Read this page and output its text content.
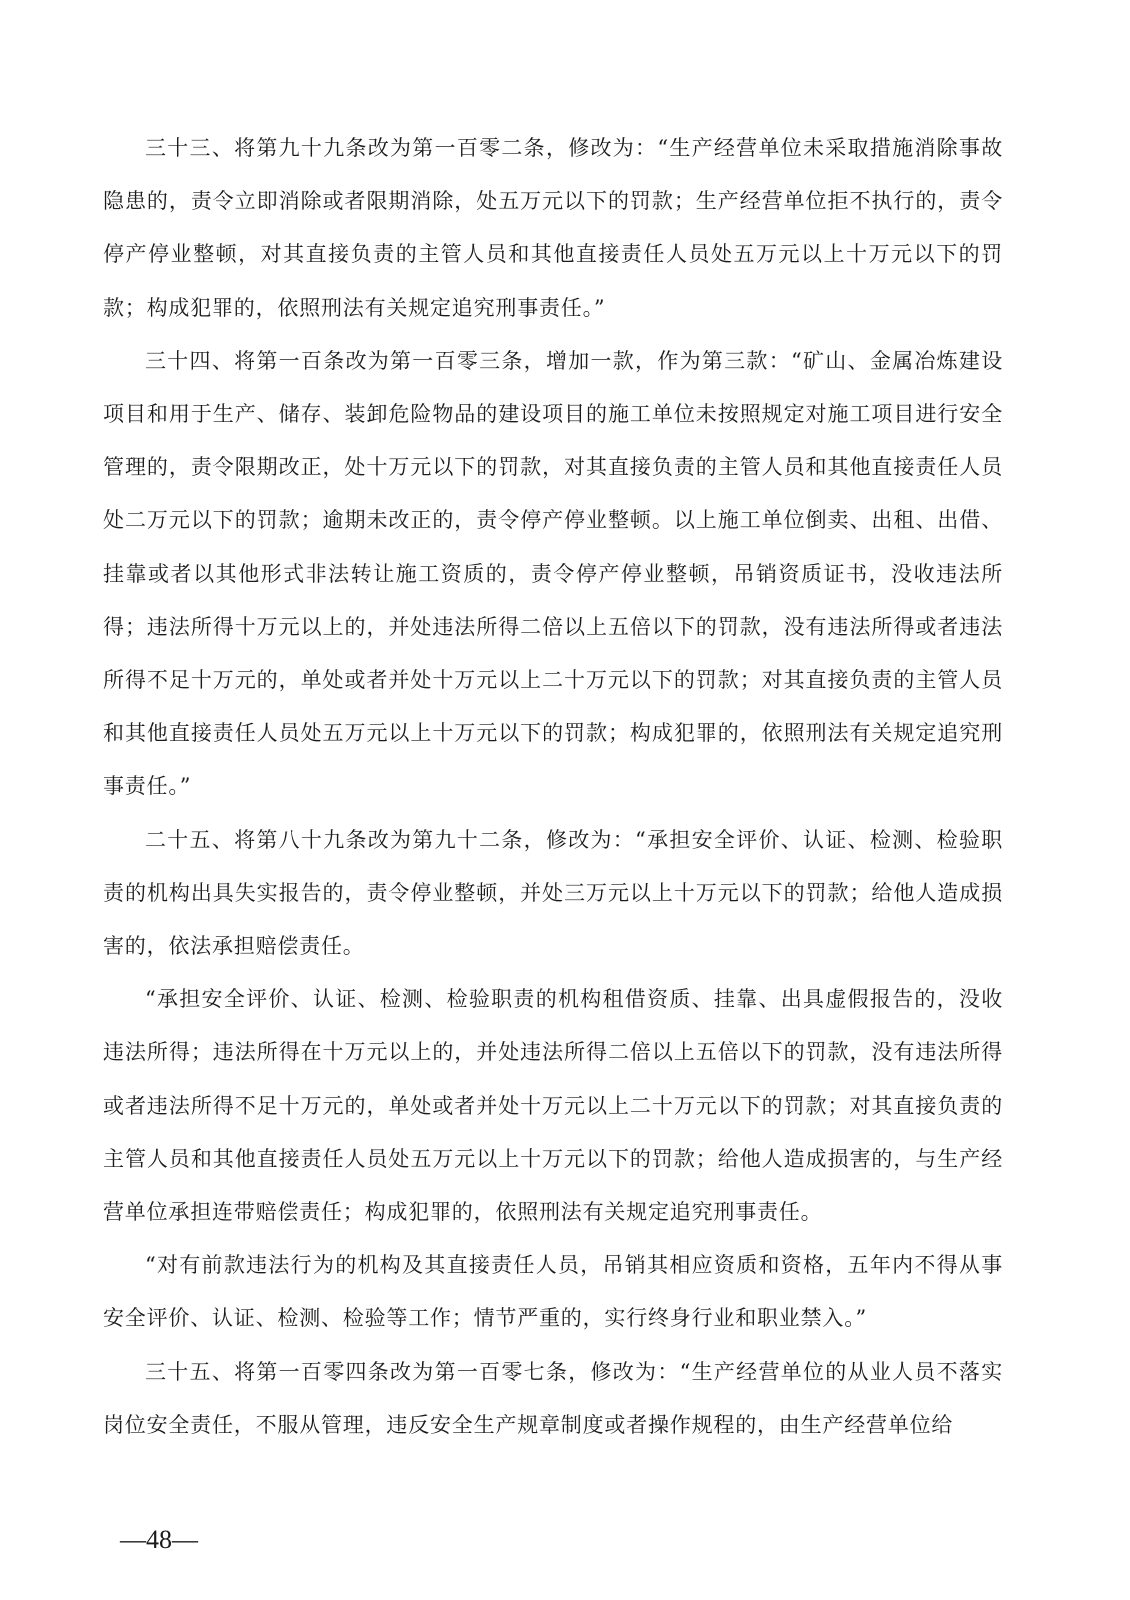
三十三、将第九十九条改为第一百零二条，修改为：“生产经营单位未采取措施消除事故隐患的，责令立即消除或者限期消除，处五万元以下的罚款；生产经营单位拒不执行的，责令停产停业整顿，对其直接负责的主管人员和其他直接责任人员处五万元以上十万元以下的罚款；构成犯罪的，依照刑法有关规定追究刑事责任。”

三十四、将第一百条改为第一百零三条，增加一款，作为第三款：“矿山、金属冶炼建设项目和用于生产、储存、装卸危险物品的建设项目的施工单位未按照规定对施工项目进行安全管理的，责令限期改正，处十万元以下的罚款，对其直接负责的主管人员和其他直接责任人员处二万元以下的罚款；逾期未改正的，责令停产停业整顿。以上施工单位倒卖、出租、出借、挂靠或者以其他形式非法转让施工资质的，责令停产停业整顿，吊销资质证书，没收违法所得；违法所得十万元以上的，并处违法所得二倍以上五倍以下的罚款，没有违法所得或者违法所得不足十万元的，单处或者并处十万元以上二十万元以下的罚款；对其直接负责的主管人员和其他直接责任人员处五万元以上十万元以下的罚款；构成犯罪的，依照刑法有关规定追究刑事责任。”

二十五、将第八十九条改为第九十二条，修改为：“承担安全评价、认证、检测、检验职责的机构出具失实报告的，责令停业整顿，并处三万元以上十万元以下的罚款；给他人造成损害的，依法承担赔偿责任。

“承担安全评价、认证、检测、检验职责的机构租借资质、挂靠、出具虚假报告的，没收违法所得；违法所得在十万元以上的，并处违法所得二倍以上五倍以下的罚款，没有违法所得或者违法所得不足十万元的，单处或者并处十万元以上二十万元以下的罚款；对其直接负责的主管人员和其他直接责任人员处五万元以上十万元以下的罚款；给他人造成损害的，与生产经营单位承担连带赔偿责任；构成犯罪的，依照刑法有关规定追究刑事责任。

“对有前款违法行为的机构及其直接责任人员，吊销其相应资质和资格，五年内不得从事安全评价、认证、检测、检验等工作；情节严重的，实行终身行业和职业禁入。”

三十五、将第一百零四条改为第一百零七条，修改为：“生产经营单位的从业人员不落实岗位安全责任，不服从管理，违反安全生产规章制度或者操作规程的，由生产经营单位给

—48—
